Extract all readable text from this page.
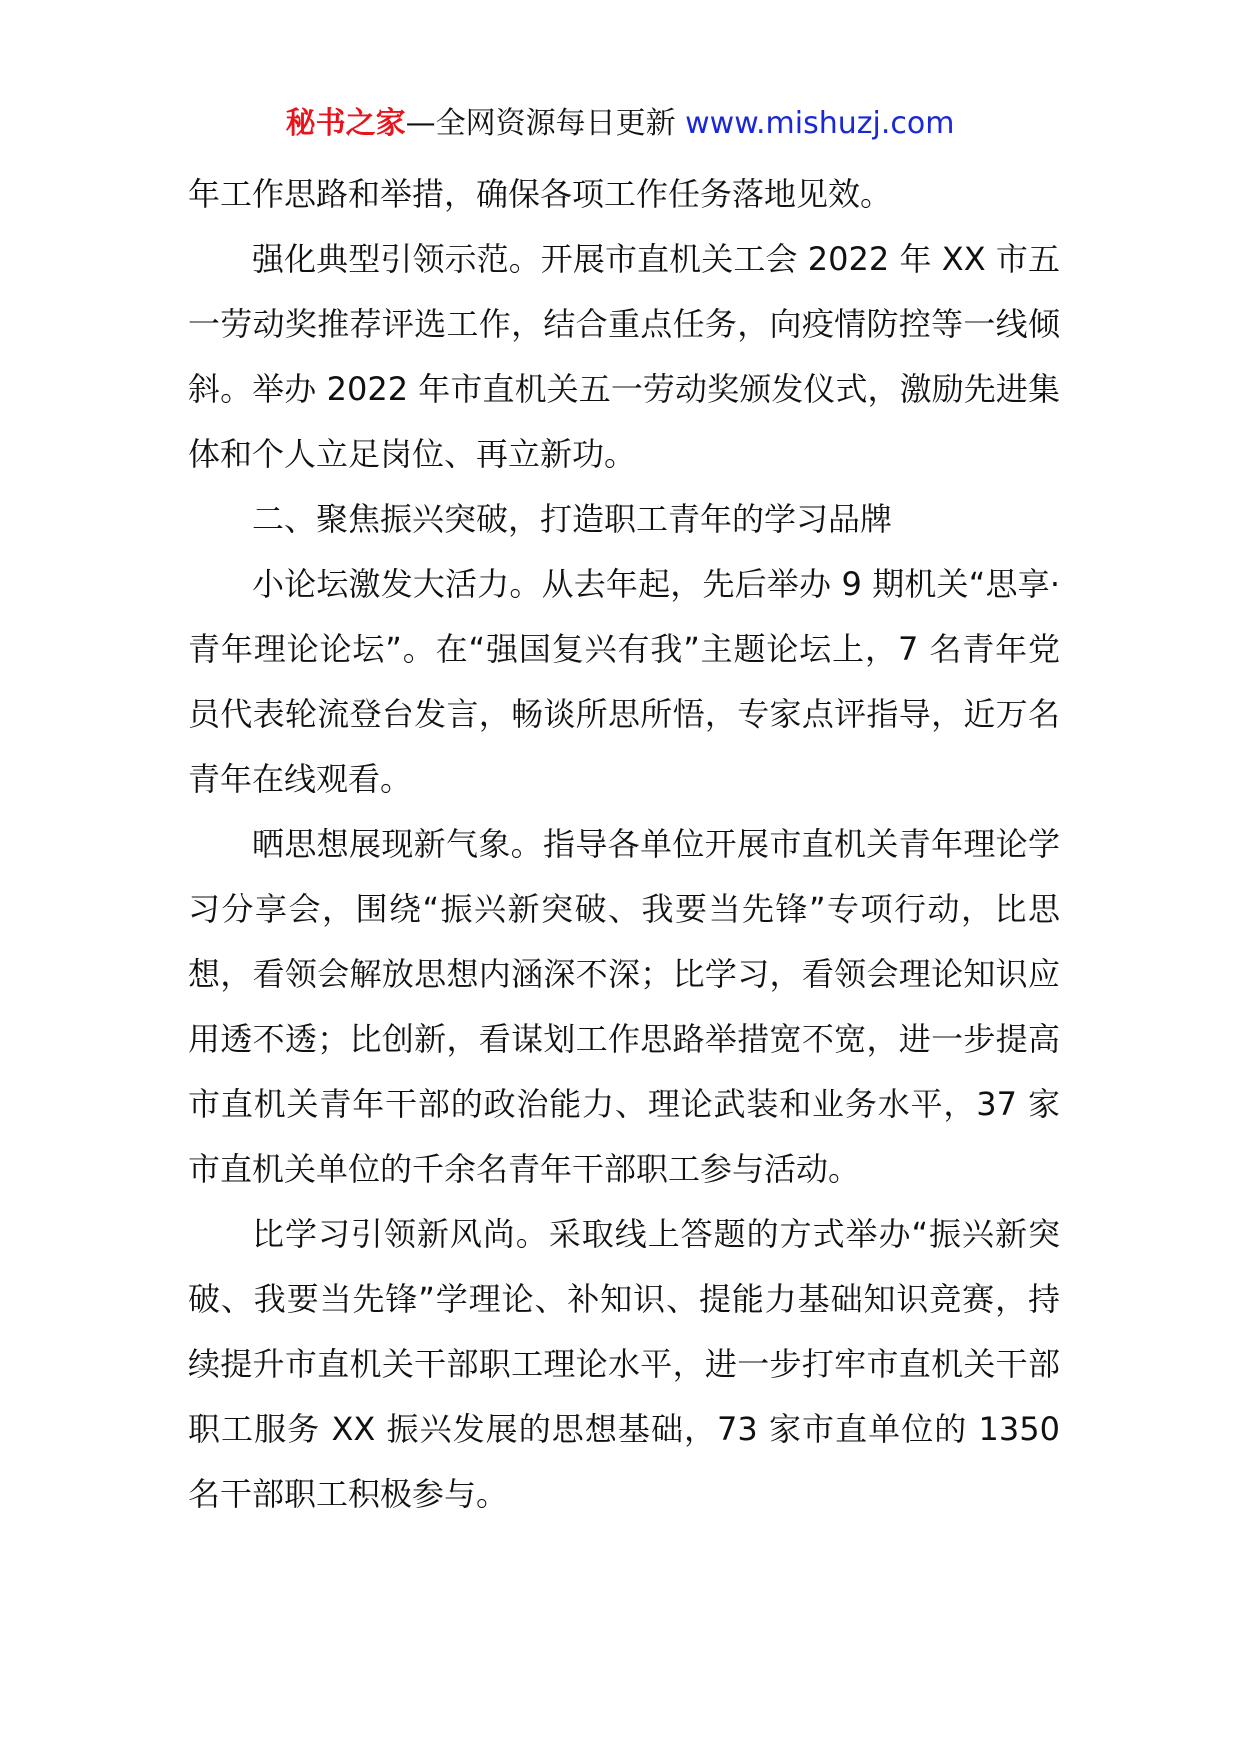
秘书之家—全网资源每日更新 www.mishuzj.com

年工作思路和举措，确保各项工作任务落地见效。

强化典型引领示范。开展市直机关工会 2022 年 XX 市五一劳动奖推荐评选工作，结合重点任务，向疫情防控等一线倾斜。举办 2022 年市直机关五一劳动奖颁发仪式，激励先进集体和个人立足岗位、再立新功。

二、聚焦振兴突破，打造职工青年的学习品牌

小论坛激发大活力。从去年起，先后举办 9 期机关“思享·青年理论论坛”。在“强国复兴有我”主题论坛上，7 名青年党员代表轮流登台发言，畅谈所思所悟，专家点评指导，近万名青年在线观看。

晒思想展现新气象。指导各单位开展市直机关青年理论学习分享会，围绕“振兴新突破、我要当先锋”专项行动，比思想，看领会解放思想内涵深不深；比学习，看领会理论知识应用透不透；比创新，看谋划工作思路举措宽不宽，进一步提高市直机关青年干部的政治能力、理论武装和业务水平，37 家市直机关单位的千余名青年干部职工参与活动。

比学习引领新风尚。采取线上答题的方式举办“振兴新突破、我要当先锋”学理论、补知识、提能力基础知识竞赛，持续提升市直机关干部职工理论水平，进一步打牢市直机关干部职工服务 XX 振兴发展的思想基础，73 家市直单位的 1350 名干部职工积极参与。
